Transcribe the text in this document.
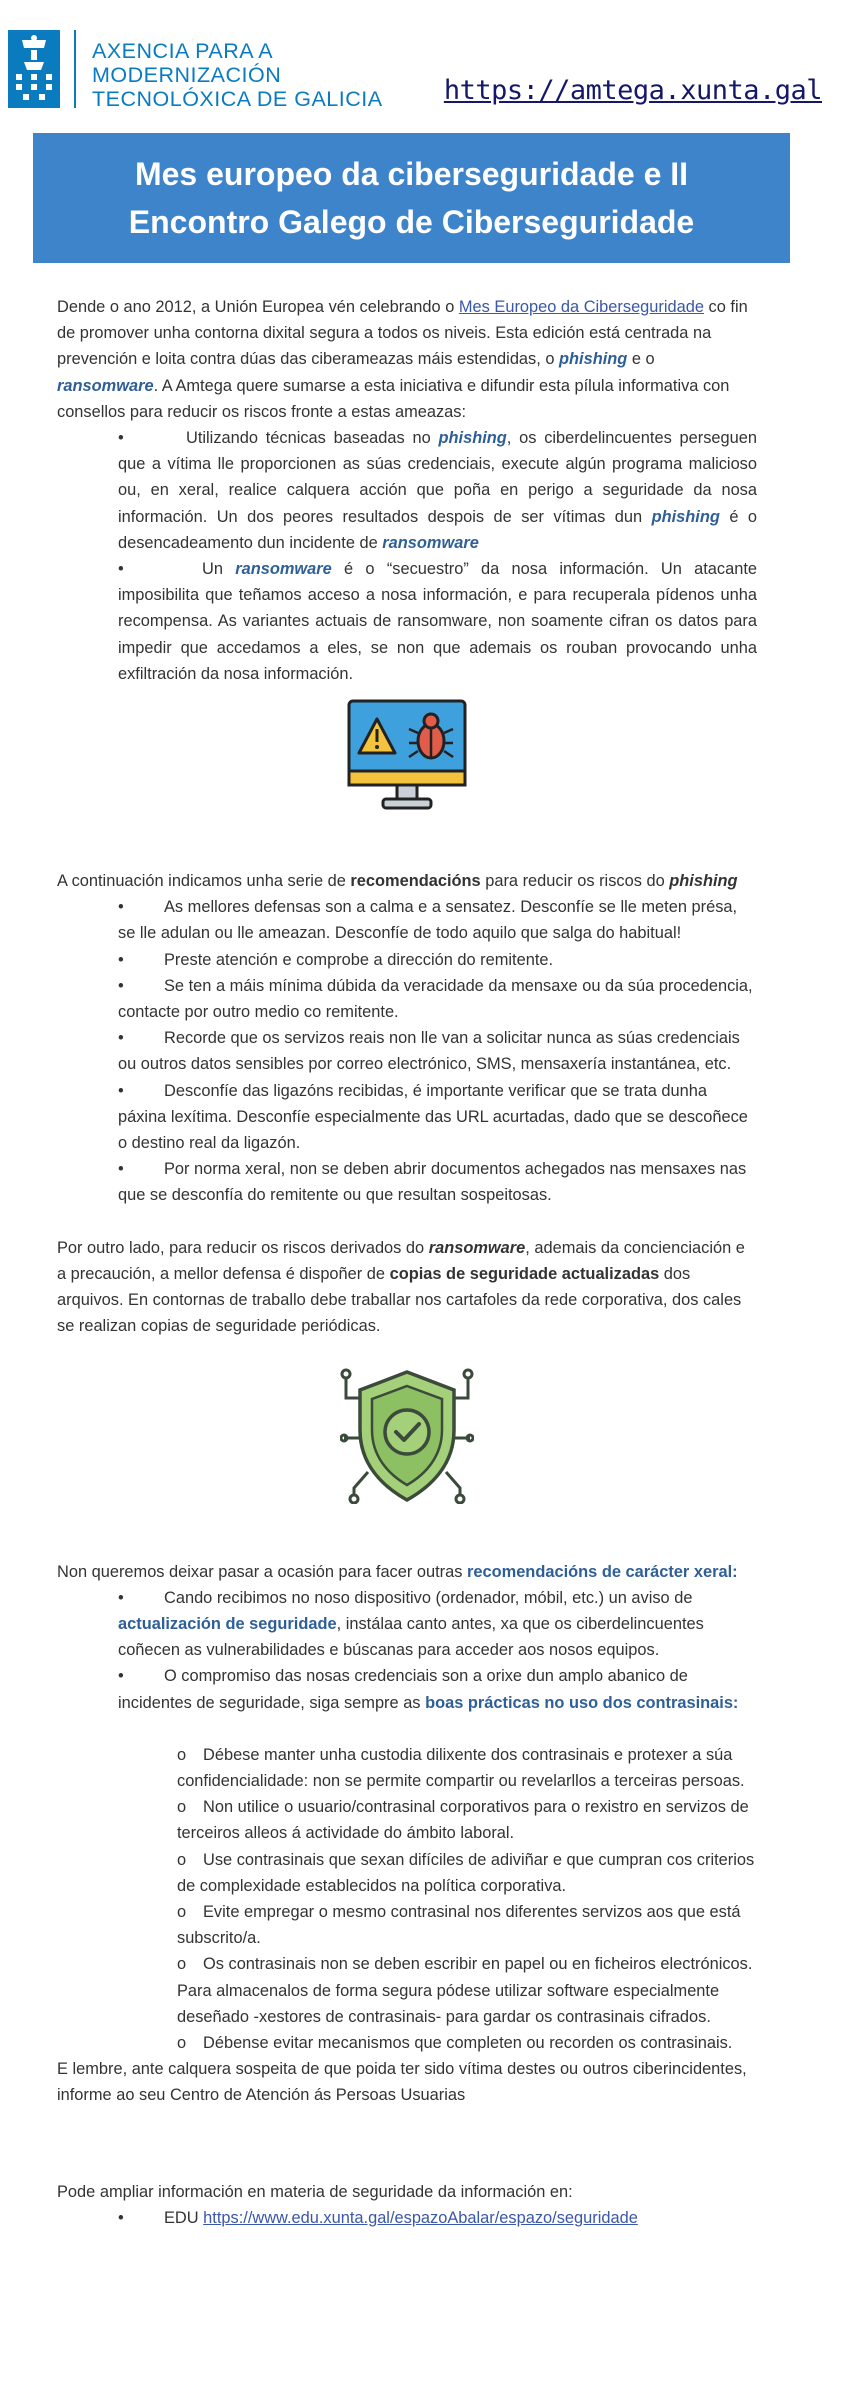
AXENCIA PARA A
MODERNIZACIÓN
TECNOLÓXICA DE GALICIA https://amtega.xunta.gal
Mes europeo da ciberseguridade e II
Encontro Galego de Ciberseguridade

Dende o ano 2012, a Unión Europea vén celebrando o Mes Europeo da Ciberseguridade co fin de promover unha contorna dixital segura a todos os niveis. Esta edición está centrada na prevención e loita contra dúas das ciberameazas máis estendidas, o phishing e o ransomware. A Amtega quere sumarse a esta iniciativa e difundir esta pílula informativa con consellos para reducir os riscos fronte a estas ameazas:

• Utilizando técnicas baseadas no phishing, os ciberdelincuentes perseguen que a vítima lle proporcionen as súas credenciais, execute algún programa malicioso ou, en xeral, realice calquera acción que poña en perigo a seguridade da nosa información. Un dos peores resultados despois de ser vítimas dun phishing é o desencadeamento dun incidente de ransomware
• Un ransomware é o “secuestro” da nosa información. Un atacante imposibilita que teñamos acceso a nosa información, e para recuperala pídenos unha recompensa. As variantes actuais de ransomware, non soamente cifran os datos para impedir que accedamos a eles, se non que ademais os rouban provocando unha exfiltración da nosa información.

A continuación indicamos unha serie de recomendacións para reducir os riscos do phishing

• As mellores defensas son a calma e a sensatez. Desconfíe se lle meten présa, se lle adulan ou lle ameazan. Desconfíe de todo aquilo que salga do habitual!
• Preste atención e comprobe a dirección do remitente.
• Se ten a máis mínima dúbida da veracidade da mensaxe ou da súa procedencia, contacte por outro medio co remitente.
• Recorde que os servizos reais non lle van a solicitar nunca as súas credenciais ou outros datos sensibles por correo electrónico, SMS, mensaxería instantánea, etc.
• Desconfíe das ligazóns recibidas, é importante verificar que se trata dunha páxina lexítima. Desconfíe especialmente das URL acurtadas, dado que se descoñece o destino real da ligazón.
• Por norma xeral, non se deben abrir documentos achegados nas mensaxes nas que se desconfía do remitente ou que resultan sospeitosas.

Por outro lado, para reducir os riscos derivados do ransomware, ademais da concienciación e a precaución, a mellor defensa é dispoñer de copias de seguridade actualizadas dos arquivos. En contornas de traballo debe traballar nos cartafoles da rede corporativa, dos cales se realizan copias de seguridade periódicas.

Non queremos deixar pasar a ocasión para facer outras recomendacións de carácter xeral:

• Cando recibimos no noso dispositivo (ordenador, móbil, etc.) un aviso de actualización de seguridade, instálaa canto antes, xa que os ciberdelincuentes coñecen as vulnerabilidades e búscanas para acceder aos nosos equipos.
• O compromiso das nosas credenciais son a orixe dun amplo abanico de incidentes de seguridade, siga sempre as boas prácticas no uso dos contrasinais:
o Débese manter unha custodia dilixente dos contrasinais e protexer a súa confidencialidade: non se permite compartir ou revelarllos a terceiras persoas.
o Non utilice o usuario/contrasinal corporativos para o rexistro en servizos de terceiros alleos á actividade do ámbito laboral.
o Use contrasinais que sexan difíciles de adiviñar e que cumpran cos criterios de complexidade establecidos na política corporativa.
o Evite empregar o mesmo contrasinal nos diferentes servizos aos que está subscrito/a.
o Os contrasinais non se deben escribir en papel ou en ficheiros electrónicos. Para almacenalos de forma segura pódese utilizar software especialmente deseñado -xestores de contrasinais- para gardar os contrasinais cifrados.
o Débense evitar mecanismos que completen ou recorden os contrasinais.

E lembre, ante calquera sospeita de que poida ter sido vítima destes ou outros ciberincidentes, informe ao seu Centro de Atención ás Persoas Usuarias

Pode ampliar información en materia de seguridade da información en:

• EDU https://www.edu.xunta.gal/espazoAbalar/espazo/seguridade
